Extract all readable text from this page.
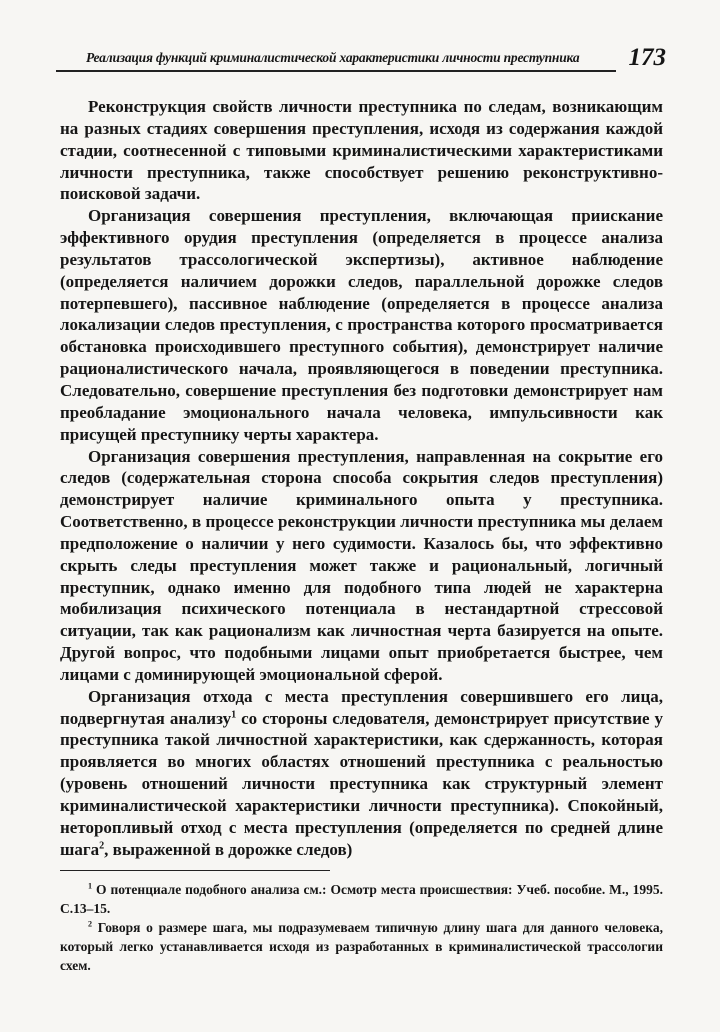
Реализация функций криминалистической характеристики личности преступника 173

Реконструкция свойств личности преступника по следам, возникающим на разных стадиях совершения преступления, исходя из содержания каждой стадии, соотнесенной с типовыми криминалистическими характеристиками личности преступника, также способствует решению реконструктивно-поисковой задачи.

Организация совершения преступления, включающая приискание эффективного орудия преступления (определяется в процессе анализа результатов трассологической экспертизы), активное наблюдение (определяется наличием дорожки следов, параллельной дорожке следов потерпевшего), пассивное наблюдение (определяется в процессе анализа локализации следов преступления, с пространства которого просматривается обстановка происходившего преступного события), демонстрирует наличие рационалистического начала, проявляющегося в поведении преступника. Следовательно, совершение преступления без подготовки демонстрирует нам преобладание эмоционального начала человека, импульсивности как присущей преступнику черты характера.

Организация совершения преступления, направленная на сокрытие его следов (содержательная сторона способа сокрытия следов преступления) демонстрирует наличие криминального опыта у преступника. Соответственно, в процессе реконструкции личности преступника мы делаем предположение о наличии у него судимости. Казалось бы, что эффективно скрыть следы преступления может также и рациональный, логичный преступник, однако именно для подобного типа людей не характерна мобилизация психического потенциала в нестандартной стрессовой ситуации, так как рационализм как личностная черта базируется на опыте. Другой вопрос, что подобными лицами опыт приобретается быстрее, чем лицами с доминирующей эмоциональной сферой.

Организация отхода с места преступления совершившего его лица, подвергнутая анализу$^1$ со стороны следователя, демонстрирует присутствие у преступника такой личностной характеристики, как сдержанность, которая проявляется во многих областях отношений преступника с реальностью (уровень отношений личности преступника как структурный элемент криминалистической характеристики личности преступника). Спокойный, неторопливый отход с места преступления (определяется по средней длине шага$^2$, выраженной в дорожке следов)

$^1$ О потенциале подобного анализа см.: Осмотр места происшествия: Учеб. пособие. М., 1995. С.13–15.

$^2$ Говоря о размере шага, мы подразумеваем типичную длину шага для данного человека, который легко устанавливается исходя из разработанных в криминалистической трассологии схем.
